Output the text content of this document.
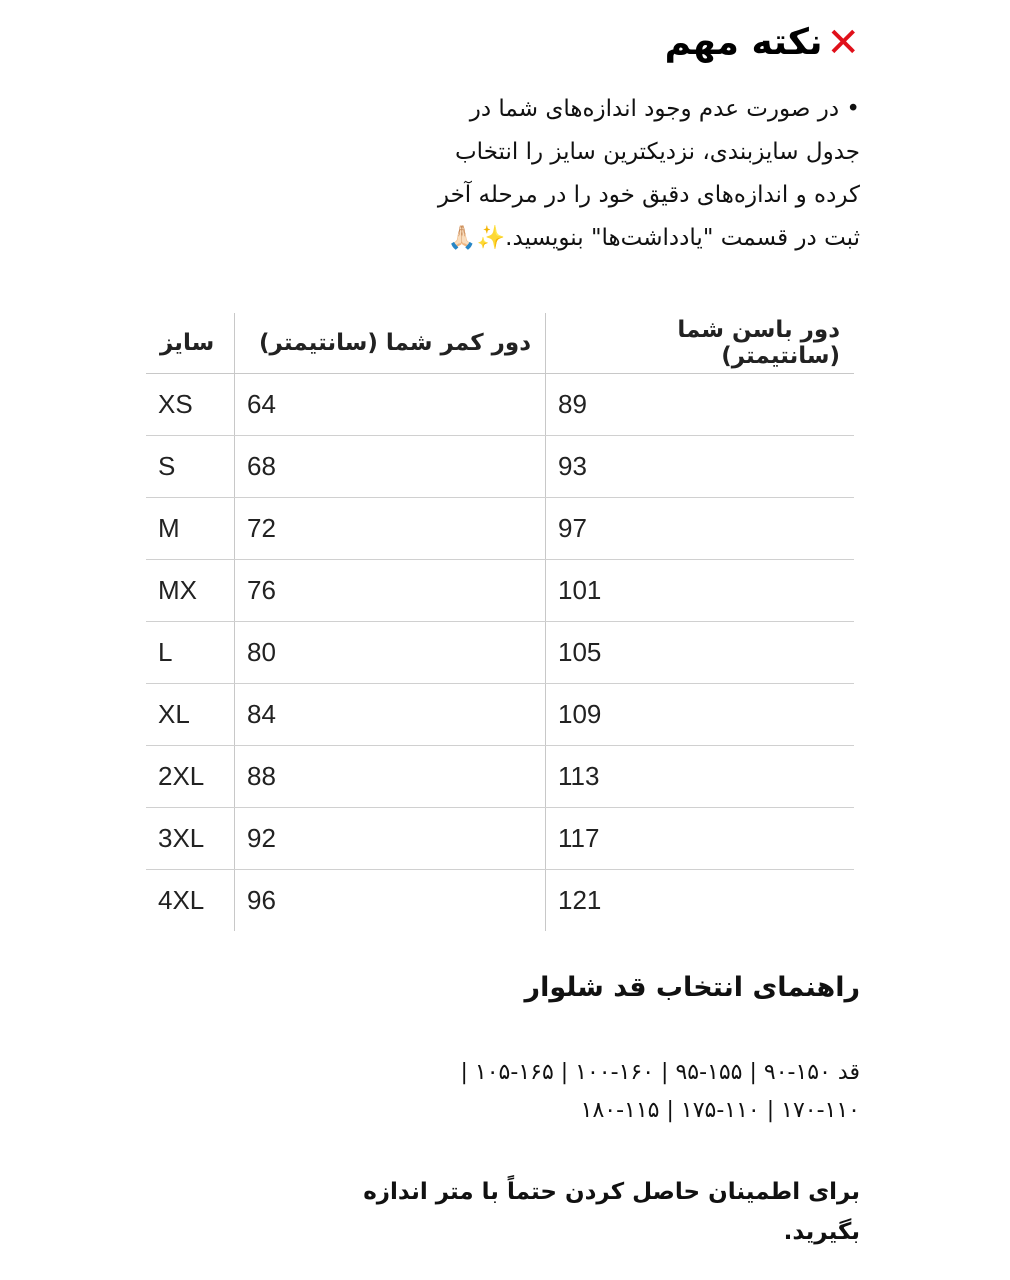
✕
نکته مهم
• در صورت عدم وجود اندازه‌های شما در
جدول سایزبندی، نزدیکترین سایز را انتخاب
کرده و اندازه‌های دقیق خود را در مرحله آخر
ثبت در قسمت "یادداشت‌ها" بنویسید.✨🙏🏻
سایز	دور کمر شما (سانتیمتر)	دور باسن شما (سانتیمتر)
XS	64	89
S	68	93
M	72	97
MX	76	101
L	80	105
XL	84	109
2XL	88	113
3XL	92	117
4XL	96	121
راهنمای انتخاب قد شلوار
قد ۱۵۰-۹۰ | ۱۵۵-۹۵ | ۱۶۰-۱۰۰ | ۱۶۵-۱۰۵ |
۱۷۰-۱۱۰ | ۱۷۵-۱۱۰ | ۱۸۰-۱۱۵
برای اطمینان حاصل کردن حتماً با متر اندازه
بگیرید.
